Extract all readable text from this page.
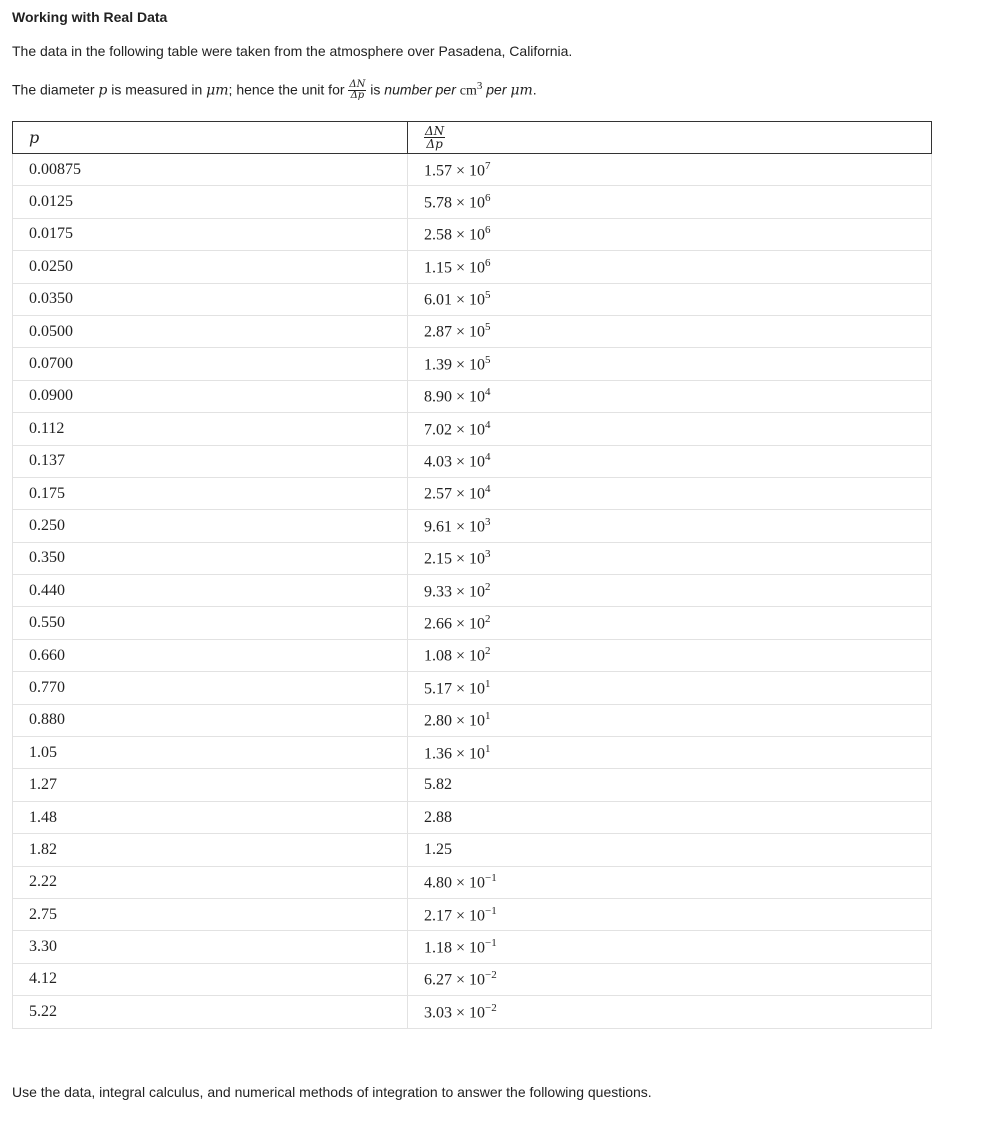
Working with Real Data
The data in the following table were taken from the atmosphere over Pasadena, California.
The diameter p is measured in μm; hence the unit for $\frac{\Delta N}{\Delta p}$ is number per $cm^3$ per μm.
p	$\frac{\Delta N}{\Delta p}$

0.00875	$1.57 \times 10^7$
0.0125	$5.78 \times 10^6$
0.0175	$2.58 \times 10^6$
0.0250	$1.15 \times 10^6$
0.0350	$6.01 \times 10^5$
0.0500	$2.87 \times 10^5$
0.0700	$1.39 \times 10^5$
0.0900	$8.90 \times 10^4$
0.112	$7.02 \times 10^4$
0.137	$4.03 \times 10^4$
0.175	$2.57 \times 10^4$
0.250	$9.61 \times 10^3$
0.350	$2.15 \times 10^3$
0.440	$9.33 \times 10^2$
0.550	$2.66 \times 10^2$
0.660	$1.08 \times 10^2$
0.770	$5.17 \times 10^1$
0.880	$2.80 \times 10^1$
1.05	$1.36 \times 10^1$
1.27	5.82
1.48	2.88
1.82	1.25
2.22	$4.80 \times 10^{-1}$
2.75	$2.17 \times 10^{-1}$
3.30	$1.18 \times 10^{-1}$
4.12	$6.27 \times 10^{-2}$
5.22	$3.03 \times 10^{-2}$
Use the data, integral calculus, and numerical methods of integration to answer the following questions.
